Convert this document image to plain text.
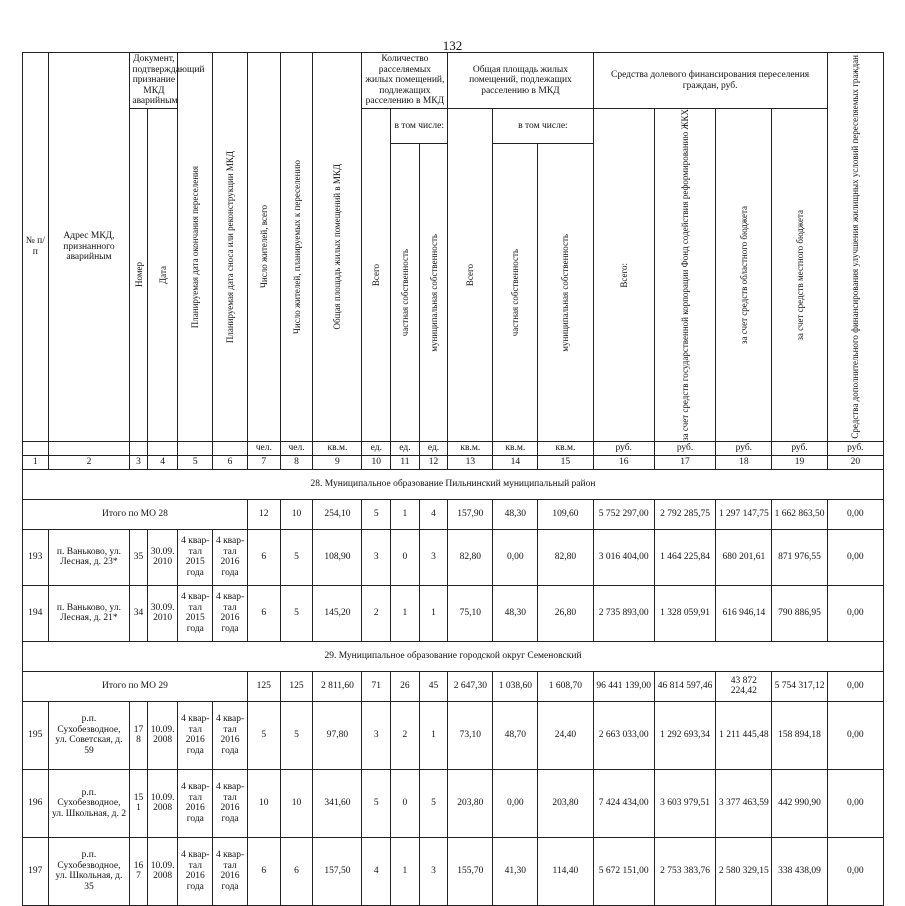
132
№ п/п	Адрес МКД, признанного аварийным	Документ, подтверждающий признание МКД аварийным		Планируемая дата окончания переселения	Планируемая дата сноса или реконструкции МКД	Число жителей, всего	Число жителей, планируемых к переселению	Общая площадь жилых помещений в МКД	Количество расселяемых жилых помещений, подлежащих расселению в МКД			Общая площадь жилых помещений, подлежащих расселению в МКД			Средства долевого финансирования переселения граждан, руб.				Средства дополнительного финансирования улучшения жилищных условий переселяемых граждан

		Номер	Дата						Всего	в том числе:		Всего	в том числе:		Всего:	за счет средств государственной корпорации Фонд содействия реформированию ЖКХ	за счет средств областного бюджета	за счет средств местного бюджета	

										частная собственность	муниципальная собственность		частная собственность	муниципальная собственность					

						чел.	чел.	кв.м.	ед.	ед.	ед.	кв.м.	кв.м.	кв.м.	руб.	руб.	руб.	руб.	руб.
1	2	3	4	5	6	7	8	9	10	11	12	13	14	15	16	17	18	19	20
28. Муниципальное образование Пильнинский муниципальный район																			
Итого по МО 28						12	10	254,10	5	1	4	157,90	48,30	109,60	5 752 297,00	2 792 285,75	1 297 147,75	1 662 863,50	0,00
193	п. Ваньково, ул. Лесная, д. 23*	35	30.09. 2010	4 квар- тал 2015 года	4 квар- тал 2016 года	6	5	108,90	3	0	3	82,80	0,00	82,80	3 016 404,00	1 464 225,84	680 201,61	871 976,55	0,00
194	п. Ваньково, ул. Лесная, д. 21*	34	30.09. 2010	4 квар- тал 2015 года	4 квар- тал 2016 года	6	5	145,20	2	1	1	75,10	48,30	26,80	2 735 893,00	1 328 059,91	616 946,14	790 886,95	0,00
29. Муниципальное образование городской округ Семеновский																			
Итого по МО 29						125	125	2 811,60	71	26	45	2 647,30	1 038,60	1 608,70	96 441 139,00	46 814 597,46	43 872 224,42	5 754 317,12	0,00
195	р.п. Сухобезводное, ул. Советская, д. 59	17 8	10.09. 2008	4 квар- тал 2016 года	4 квар- тал 2016 года	5	5	97,80	3	2	1	73,10	48,70	24,40	2 663 033,00	1 292 693,34	1 211 445,48	158 894,18	0,00
196	р.п. Сухобезводное, ул. Школьная, д. 2	15 1	10.09. 2008	4 квар- тал 2016 года	4 квар- тал 2016 года	10	10	341,60	5	0	5	203,80	0,00	203,80	7 424 434,00	3 603 979,51	3 377 463,59	442 990,90	0,00
197	р.п. Сухобезводное, ул. Школьная, д. 35	16 7	10.09. 2008	4 квар- тал 2016 года	4 квар- тал 2016 года	6	6	157,50	4	1	3	155,70	41,30	114,40	5 672 151,00	2 753 383,76	2 580 329,15	338 438,09	0,00
